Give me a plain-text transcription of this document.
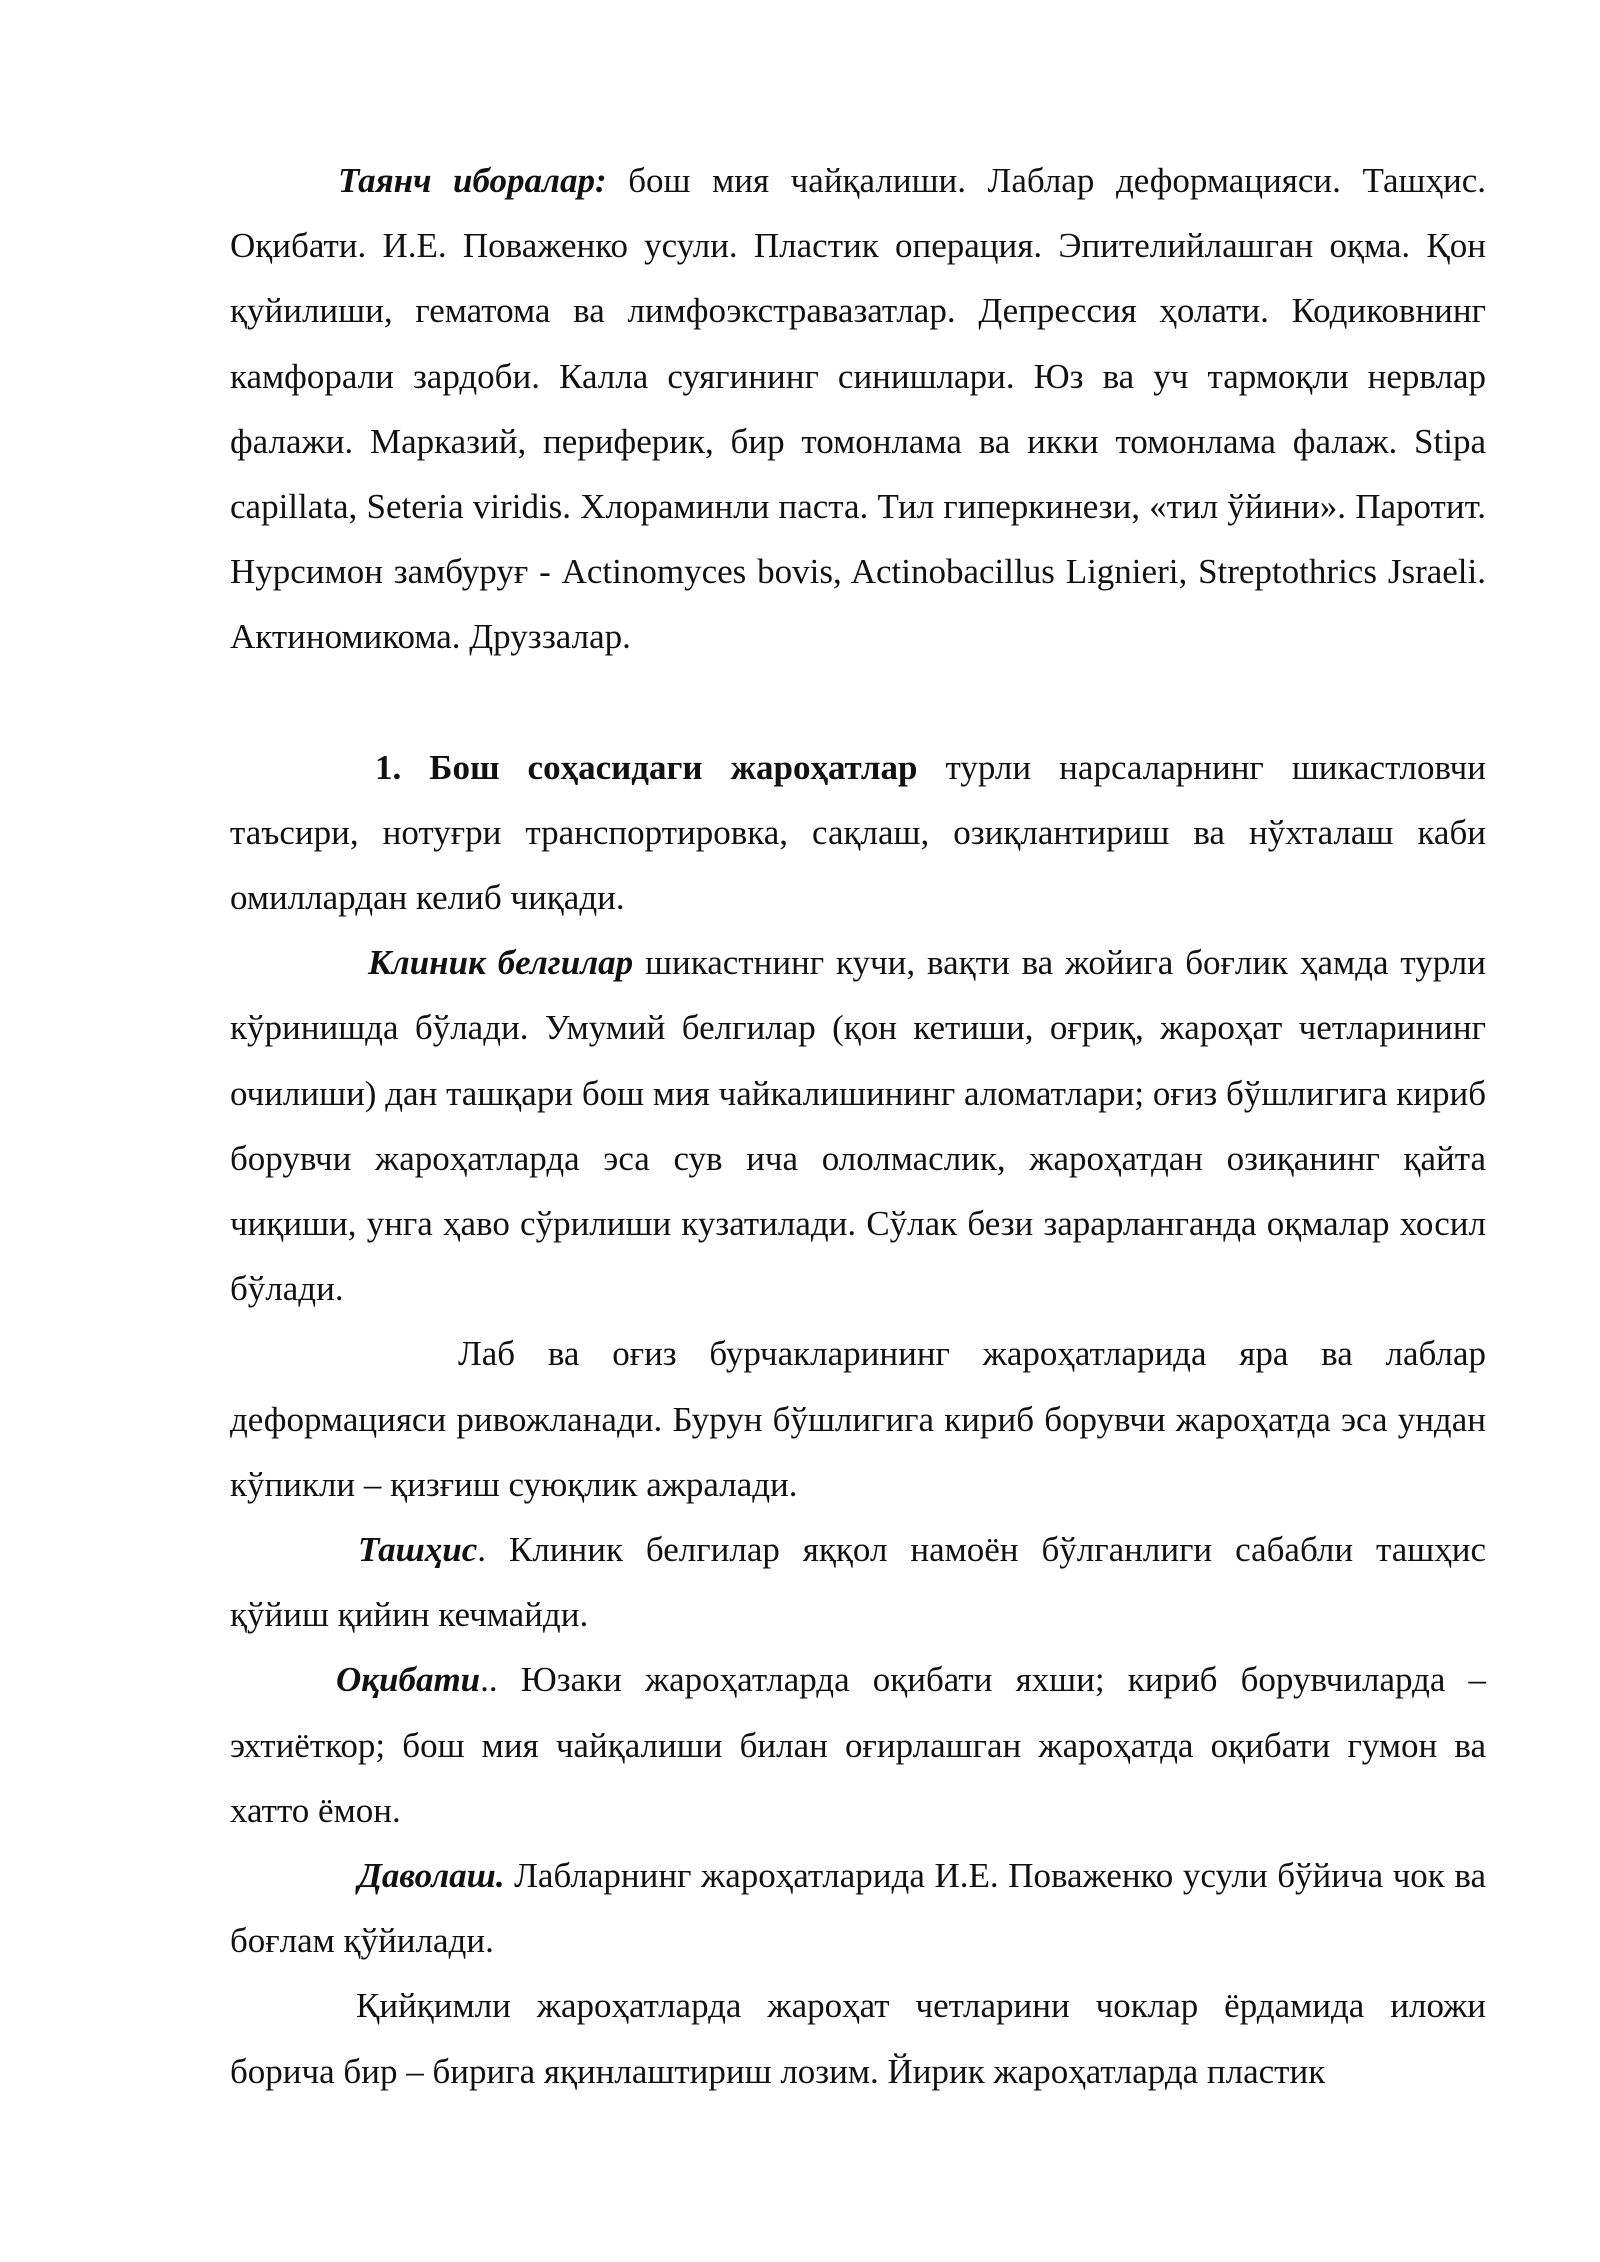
Таянч иборалар: бош мия чайқалиши. Лаблар деформацияси. Ташҳис. Оқибати. И.Е. Поваженко усули. Пластик операция. Эпителийлашган оқма. Қон қуйилиши, гематома ва лимфоэкстравазатлар. Депрессия ҳолати. Кодиковнинг камфорали зардоби. Калла суягининг синишлари. Юз ва уч тармоқли нервлар фалажи. Марказий, периферик, бир томонлама ва икки томонлама фалаж. Stipa capillata, Seteria viridis. Хлораминли паста. Тил гиперкинези, «тил ўйини». Паротит. Нурсимон замбуруғ - Actinomyces bovis, Actinobacillus Lignieri, Streptothrics Jsraeli. Актиномикома. Друззалар.

1. Бош соҳасидаги жароҳатлар турли нарсаларнинг шикастловчи таъсири, нотуғри транспортировка, сақлаш, озиқлантириш ва нўхталаш каби омиллардан келиб чиқади.

Клиник белгилар шикастнинг кучи, вақти ва жойига боғлик ҳамда турли кўринишда бўлади. Умумий белгилар (қон кетиши, оғриқ, жароҳат четларининг очилиши) дан ташқари бош мия чайкалишининг аломатлари; оғиз бўшлигига кириб борувчи жароҳатларда эса сув ича ололмаслик, жароҳатдан озиқанинг қайта чиқиши, унга ҳаво сўрилиши кузатилади. Сўлак бези зарарланганда оқмалар хосил бўлади.

Лаб ва оғиз бурчакларининг жароҳатларида яра ва лаблар деформацияси ривожланади. Бурун бўшлигига кириб борувчи жароҳатда эса ундан кўпикли – қизғиш суюқлик ажралади.

Ташҳис. Клиник белгилар яққол намоён бўлганлиги сабабли ташҳис қўйиш қийин кечмайди.

Оқибати.. Юзаки жароҳатларда оқибати яхши; кириб борувчиларда – эхтиёткор; бош мия чайқалиши билан оғирлашган жароҳатда оқибати гумон ва хатто ёмон.

Даволаш. Лабларнинг жароҳатларида И.Е. Поваженко усули бўйича чок ва боғлам қўйилади.

Қийқимли жароҳатларда жароҳат четларини чоклар ёрдамида иложи борича бир – бирига яқинлаштириш лозим. Йирик жароҳатларда пластик
